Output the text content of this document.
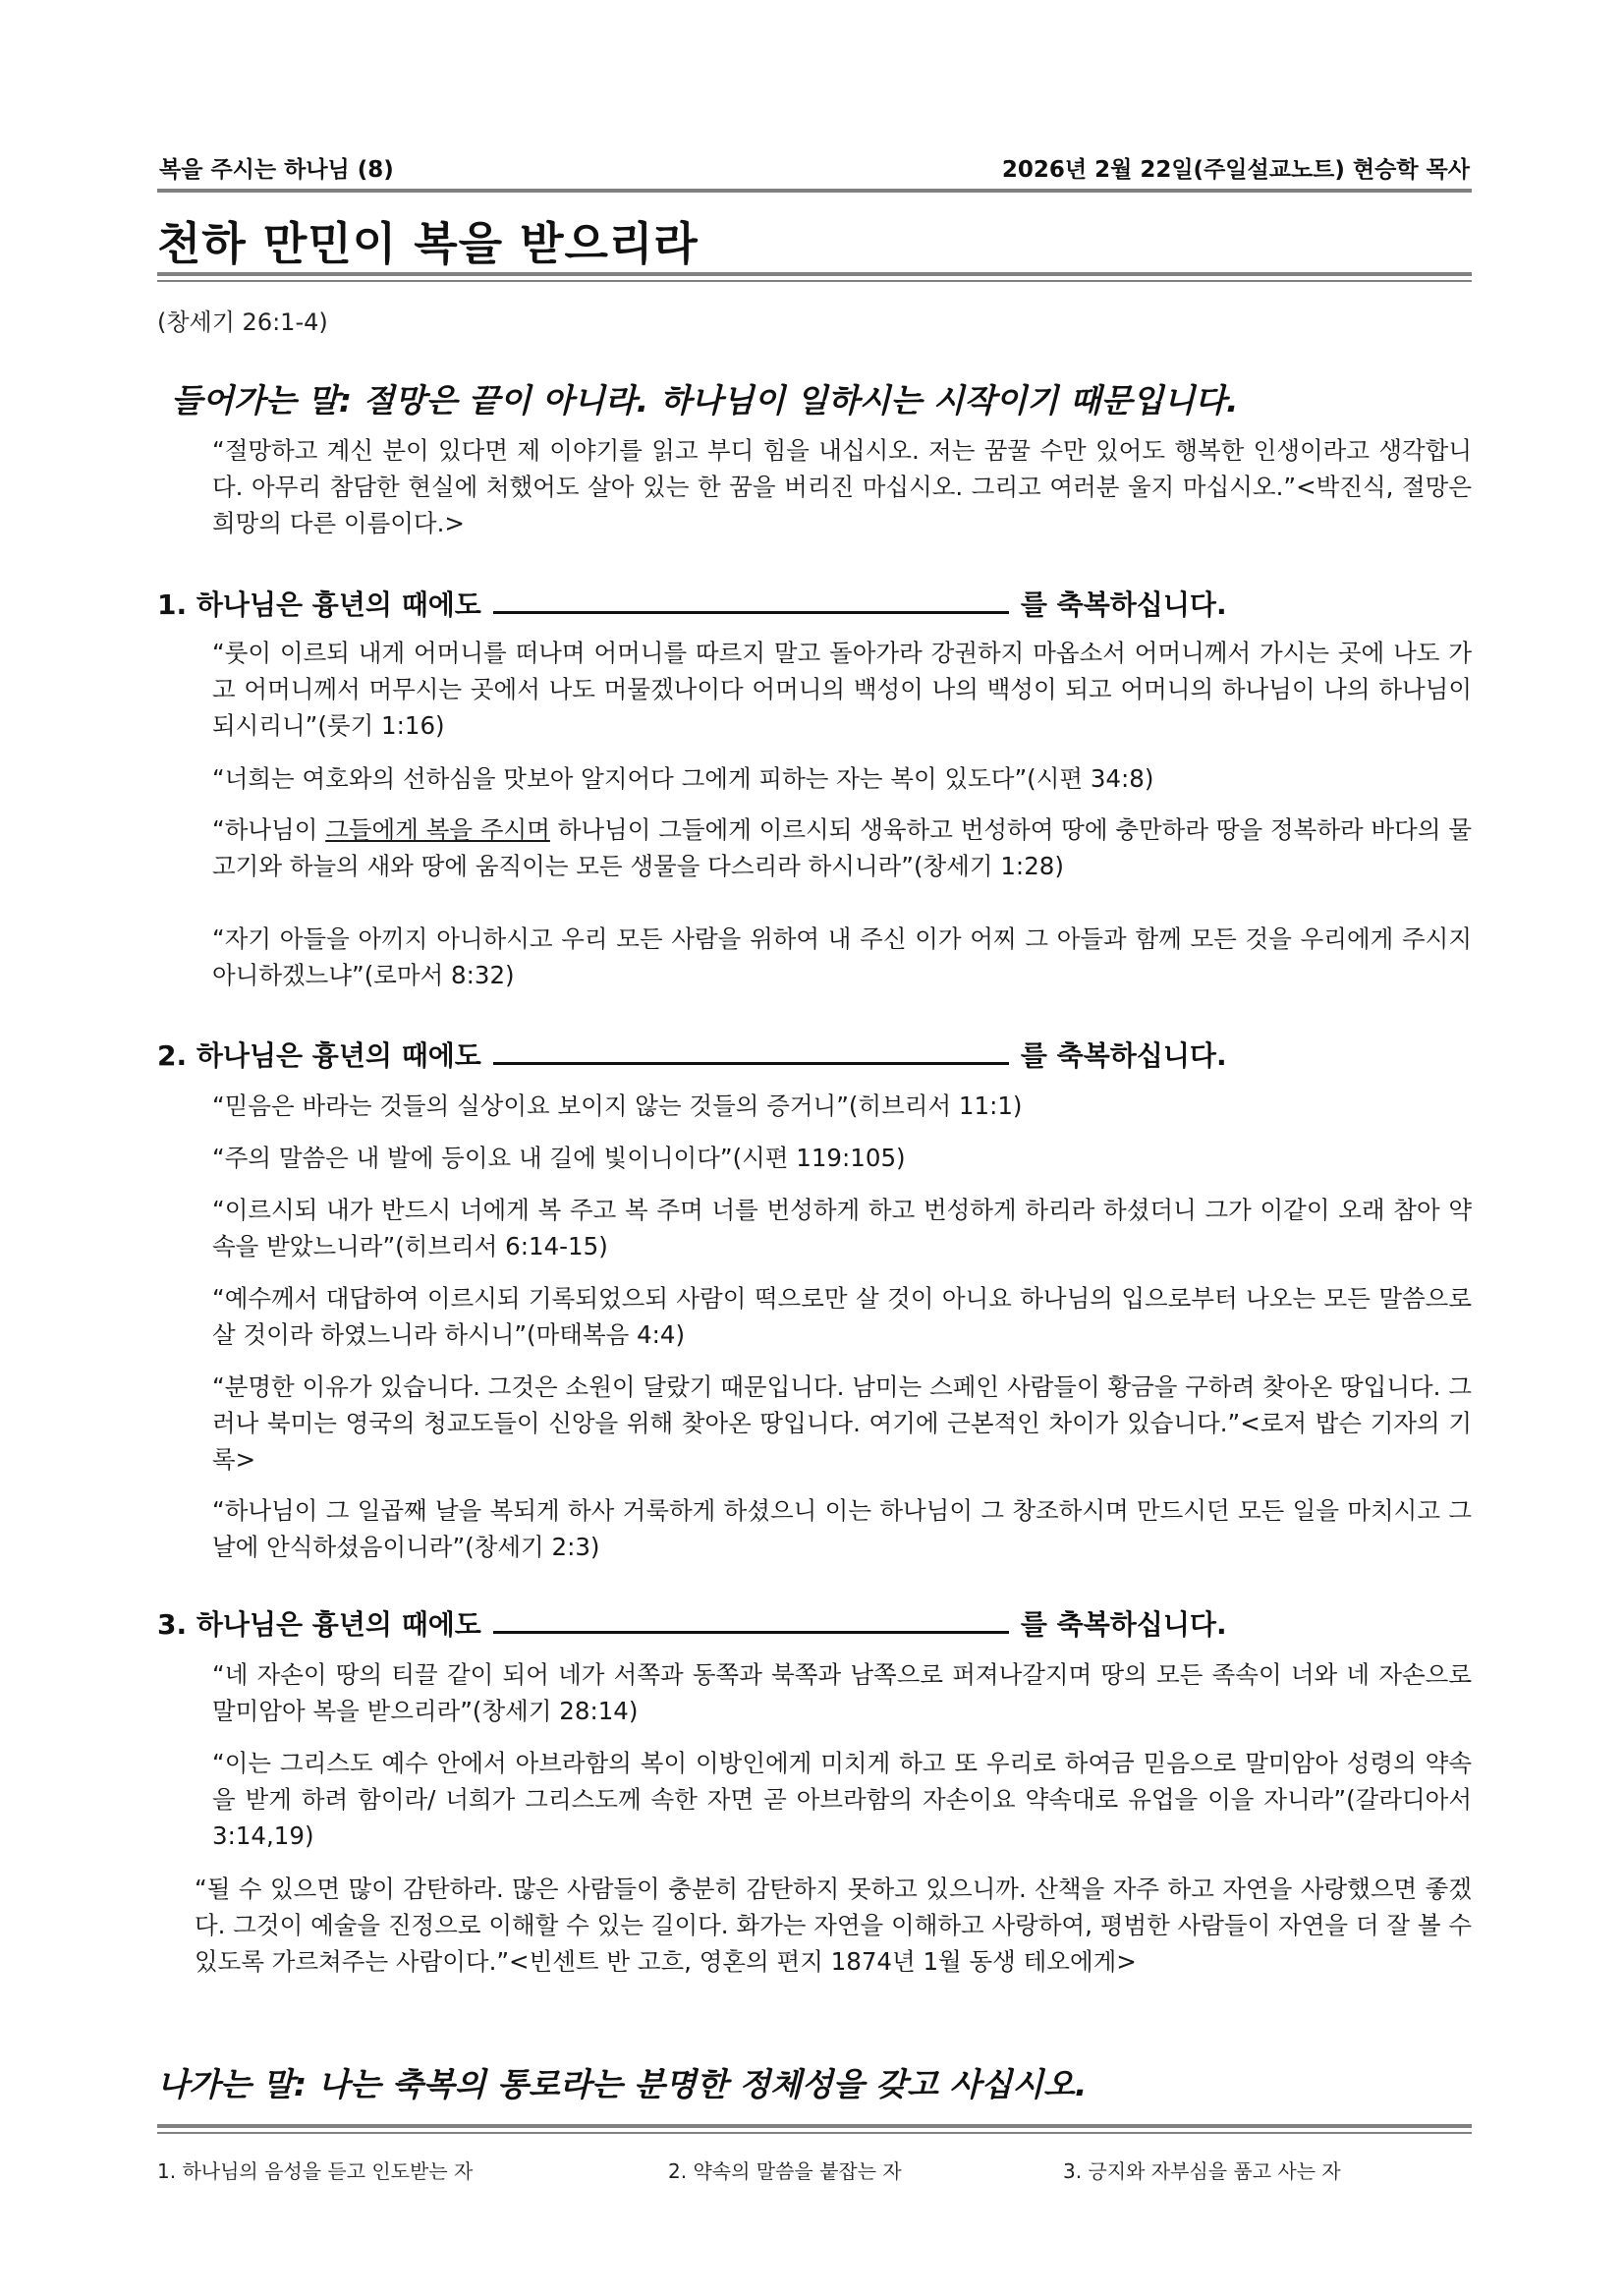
복을 주시는 하나님 (8)	2026년 2월 22일(주일설교노트) 현승학 목사
천하 만민이 복을 받으리라
(창세기 26:1-4)
들어가는 말: 절망은 끝이 아니라. 하나님이 일하시는 시작이기 때문입니다.
“절망하고 계신 분이 있다면 제 이야기를 읽고 부디 힘을 내십시오. 저는 꿈꿀 수만 있어도 행복한 인생이라고 생각합니다. 아무리 참담한 현실에 처했어도 살아 있는 한 꿈을 버리진 마십시오. 그리고 여러분 울지 마십시오.”<박진식, 절망은 희망의 다른 이름이다.>
1. 하나님은 흉년의 때에도	를 축복하십니다.
“룻이 이르되 내게 어머니를 떠나며 어머니를 따르지 말고 돌아가라 강권하지 마옵소서 어머니께서 가시는 곳에 나도 가고 어머니께서 머무시는 곳에서 나도 머물겠나이다 어머니의 백성이 나의 백성이 되고 어머니의 하나님이 나의 하나님이 되시리니”(룻기 1:16)
“너희는 여호와의 선하심을 맛보아 알지어다 그에게 피하는 자는 복이 있도다”(시편 34:8)
“하나님이 그들에게 복을 주시며 하나님이 그들에게 이르시되 생육하고 번성하여 땅에 충만하라 땅을 정복하라 바다의 물고기와 하늘의 새와 땅에 움직이는 모든 생물을 다스리라 하시니라”(창세기 1:28)
“자기 아들을 아끼지 아니하시고 우리 모든 사람을 위하여 내 주신 이가 어찌 그 아들과 함께 모든 것을 우리에게 주시지 아니하겠느냐”(로마서 8:32)
2. 하나님은 흉년의 때에도	를 축복하십니다.
“믿음은 바라는 것들의 실상이요 보이지 않는 것들의 증거니”(히브리서 11:1)
“주의 말씀은 내 발에 등이요 내 길에 빛이니이다”(시편 119:105)
“이르시되 내가 반드시 너에게 복 주고 복 주며 너를 번성하게 하고 번성하게 하리라 하셨더니 그가 이같이 오래 참아 약속을 받았느니라”(히브리서 6:14-15)
“예수께서 대답하여 이르시되 기록되었으되 사람이 떡으로만 살 것이 아니요 하나님의 입으로부터 나오는 모든 말씀으로 살 것이라 하였느니라 하시니”(마태복음 4:4)
“분명한 이유가 있습니다. 그것은 소원이 달랐기 때문입니다. 남미는 스페인 사람들이 황금을 구하려 찾아온 땅입니다. 그러나 북미는 영국의 청교도들이 신앙을 위해 찾아온 땅입니다. 여기에 근본적인 차이가 있습니다.”<로저 밥슨 기자의 기록>
“하나님이 그 일곱째 날을 복되게 하사 거룩하게 하셨으니 이는 하나님이 그 창조하시며 만드시던 모든 일을 마치시고 그 날에 안식하셨음이니라”(창세기 2:3)
3. 하나님은 흉년의 때에도	를 축복하십니다.
“네 자손이 땅의 티끌 같이 되어 네가 서쪽과 동쪽과 북쪽과 남쪽으로 퍼져나갈지며 땅의 모든 족속이 너와 네 자손으로 말미암아 복을 받으리라”(창세기 28:14)
“이는 그리스도 예수 안에서 아브라함의 복이 이방인에게 미치게 하고 또 우리로 하여금 믿음으로 말미암아 성령의 약속을 받게 하려 함이라/ 너희가 그리스도께 속한 자면 곧 아브라함의 자손이요 약속대로 유업을 이을 자니라”(갈라디아서 3:14,19)
“될 수 있으면 많이 감탄하라. 많은 사람들이 충분히 감탄하지 못하고 있으니까. 산책을 자주 하고 자연을 사랑했으면 좋겠다. 그것이 예술을 진정으로 이해할 수 있는 길이다. 화가는 자연을 이해하고 사랑하여, 평범한 사람들이 자연을 더 잘 볼 수 있도록 가르쳐주는 사람이다.”<빈센트 반 고흐, 영혼의 편지 1874년 1월 동생 테오에게>
나가는 말: 나는 축복의 통로라는 분명한 정체성을 갖고 사십시오.
1. 하나님의 음성을 듣고 인도받는 자	2. 약속의 말씀을 붙잡는 자	3. 긍지와 자부심을 품고 사는 자
